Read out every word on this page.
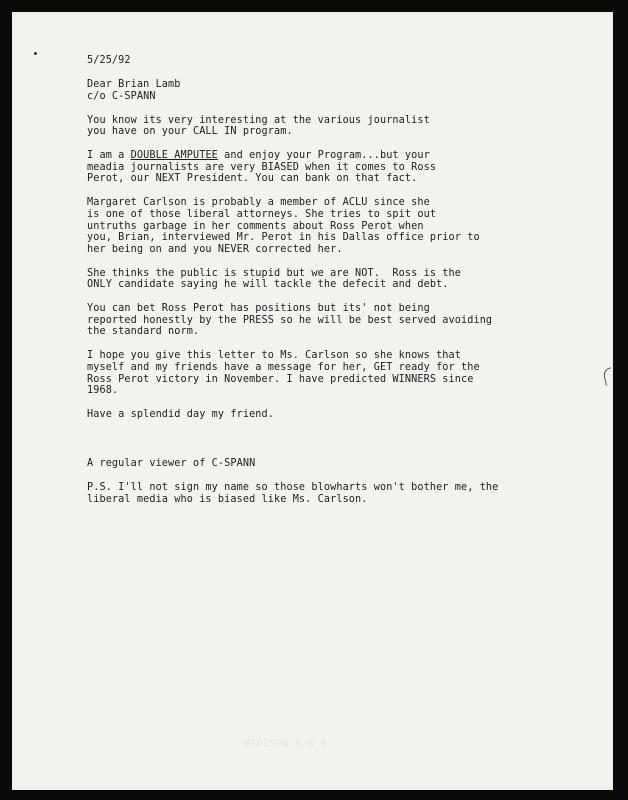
WIDISON 0/6 6
5/25/92
Dear Brian Lamb
c/o C-SPANN
You know its very interesting at the various journalist
you have on your CALL IN program.
I am a DOUBLE AMPUTEE and enjoy your Program...but your
meadia journalists are very BIASED when it comes to Ross
Perot, our NEXT President. You can bank on that fact.
Margaret Carlson is probably a member of ACLU since she
is one of those liberal attorneys. She tries to spit out
untruths garbage in her comments about Ross Perot when
you, Brian, interviewed Mr. Perot in his Dallas office prior to
her being on and you NEVER corrected her.
She thinks the public is stupid but we are NOT.  Ross is the
ONLY candidate saying he will tackle the defecit and debt.
You can bet Ross Perot has positions but its' not being
reported honestly by the PRESS so he will be best served avoiding
the standard norm.
I hope you give this letter to Ms. Carlson so she knows that
myself and my friends have a message for her, GET ready for the
Ross Perot victory in November. I have predicted WINNERS since
1968.
Have a splendid day my friend.
A regular viewer of C-SPANN
P.S. I'll not sign my name so those blowharts won't bother me, the
liberal media who is biased like Ms. Carlson.
